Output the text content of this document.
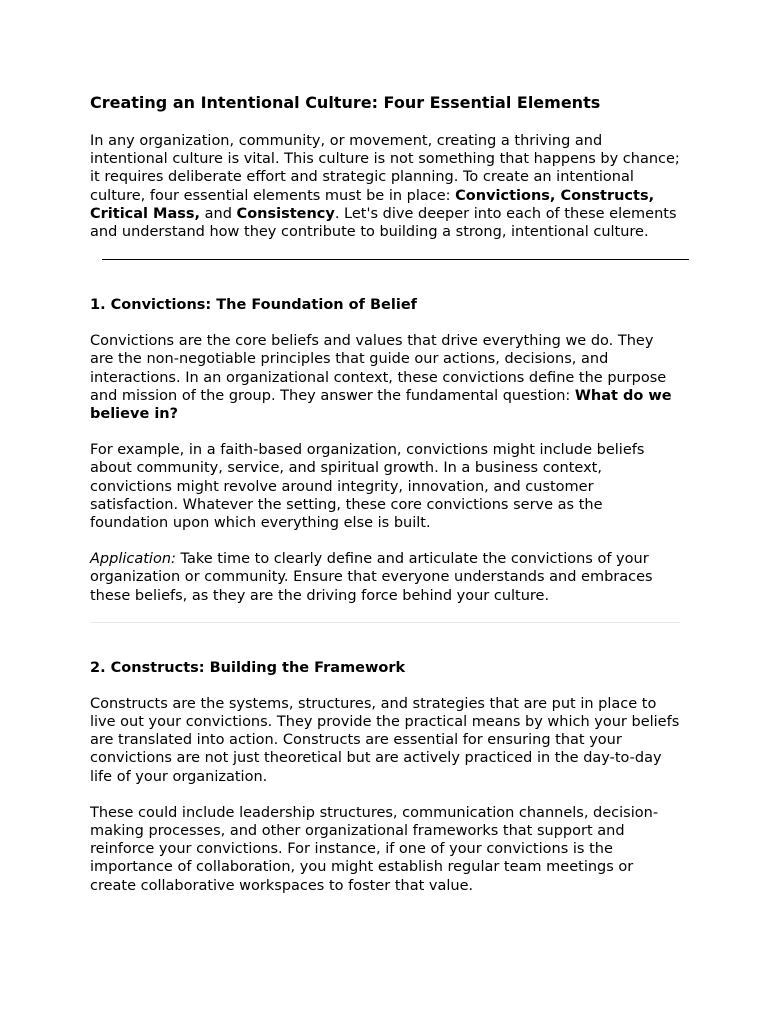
Creating an Intentional Culture: Four Essential Elements

In any organization, community, or movement, creating a thriving and intentional culture is vital. This culture is not something that happens by chance; it requires deliberate effort and strategic planning. To create an intentional culture, four essential elements must be in place: Convictions, Constructs, Critical Mass, and Consistency. Let's dive deeper into each of these elements and understand how they contribute to building a strong, intentional culture.

1. Convictions: The Foundation of Belief

Convictions are the core beliefs and values that drive everything we do. They are the non-negotiable principles that guide our actions, decisions, and interactions. In an organizational context, these convictions define the purpose and mission of the group. They answer the fundamental question: What do we believe in?

For example, in a faith-based organization, convictions might include beliefs about community, service, and spiritual growth. In a business context, convictions might revolve around integrity, innovation, and customer satisfaction. Whatever the setting, these core convictions serve as the foundation upon which everything else is built.

Application: Take time to clearly define and articulate the convictions of your organization or community. Ensure that everyone understands and embraces these beliefs, as they are the driving force behind your culture.

2. Constructs: Building the Framework

Constructs are the systems, structures, and strategies that are put in place to live out your convictions. They provide the practical means by which your beliefs are translated into action. Constructs are essential for ensuring that your convictions are not just theoretical but are actively practiced in the day-to-day life of your organization.

These could include leadership structures, communication channels, decision-making processes, and other organizational frameworks that support and reinforce your convictions. For instance, if one of your convictions is the importance of collaboration, you might establish regular team meetings or create collaborative workspaces to foster that value.
